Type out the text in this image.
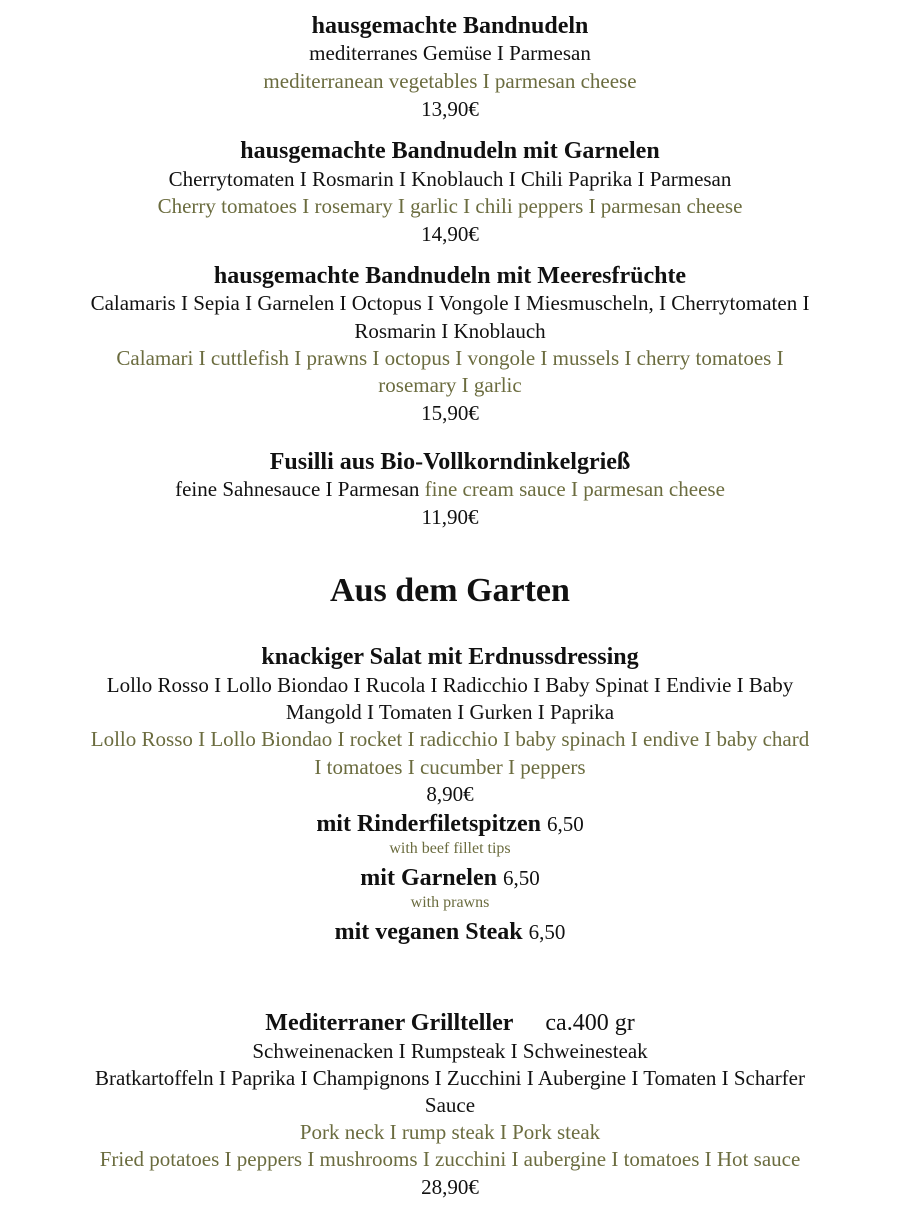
hausgemachte Bandnudeln
mediterranes Gemüse I Parmesan
mediterranean vegetables I parmesan cheese
13,90€
hausgemachte Bandnudeln mit Garnelen
Cherrytomaten I Rosmarin I Knoblauch I Chili Paprika I Parmesan
Cherry tomatoes I rosemary I garlic I chili peppers I parmesan cheese
14,90€
hausgemachte Bandnudeln mit Meeresfrüchte
Calamaris I Sepia I Garnelen I Octopus I Vongole I Miesmuscheln, I Cherrytomaten I
Rosmarin I Knoblauch
Calamari I cuttlefish I prawns I octopus I vongole I mussels I cherry tomatoes I
rosemary I garlic
15,90€
Fusilli aus Bio-Vollkorndinkelgrieß
feine Sahnesauce I Parmesan fine cream sauce I parmesan cheese
11,90€
Aus dem Garten
knackiger Salat mit Erdnussdressing
Lollo Rosso I Lollo Biondao I Rucola I Radicchio I Baby Spinat I Endivie I Baby
Mangold I Tomaten I Gurken I Paprika
Lollo Rosso I Lollo Biondao I rocket I radicchio I baby spinach I endive I baby chard
I tomatoes I cucumber I peppers
8,90€
mit Rinderfiletspitzen 6,50
with beef fillet tips
mit Garnelen 6,50
with prawns
mit veganen Steak 6,50
Mediterraner Grillteller ca.400 gr
Schweinenacken I Rumpsteak I Schweinesteak
Bratkartoffeln I Paprika I Champignons I Zucchini I Aubergine I Tomaten I Scharfer
Sauce
Pork neck I rump steak I Pork steak
Fried potatoes I peppers I mushrooms I zucchini I aubergine I tomatoes I Hot sauce
28,90€
